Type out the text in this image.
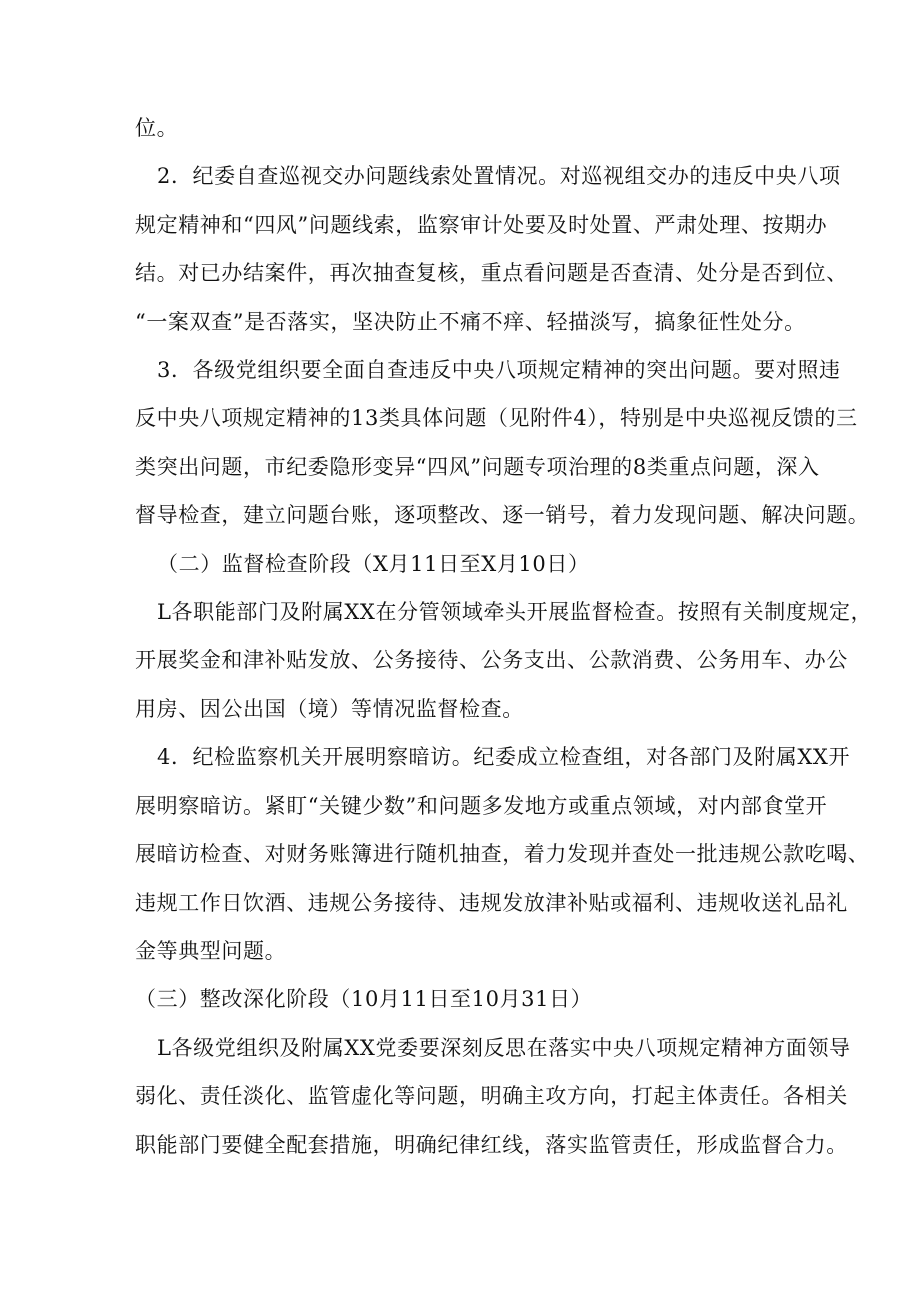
位。
2．纪委自查巡视交办问题线索处置情况。对巡视组交办的违反中央八项
规定精神和“四风”问题线索，监察审计处要及时处置、严肃处理、按期办
结。对已办结案件，再次抽查复核，重点看问题是否查清、处分是否到位、
“一案双查”是否落实，坚决防止不痛不痒、轻描淡写，搞象征性处分。
3．各级党组织要全面自查违反中央八项规定精神的突出问题。要对照违
反中央八项规定精神的13类具体问题（见附件4），特别是中央巡视反馈的三
类突出问题，市纪委隐形变异“四风”问题专项治理的8类重点问题，深入
督导检查，建立问题台账，逐项整改、逐一销号，着力发现问题、解决问题。
（二）监督检查阶段（X月11日至X月10日）
L各职能部门及附属XX在分管领域牵头开展监督检查。按照有关制度规定，
开展奖金和津补贴发放、公务接待、公务支出、公款消费、公务用车、办公
用房、因公出国（境）等情况监督检查。
4．纪检监察机关开展明察暗访。纪委成立检查组，对各部门及附属XX开
展明察暗访。紧盯“关键少数”和问题多发地方或重点领域，对内部食堂开
展暗访检查、对财务账簿进行随机抽查，着力发现并查处一批违规公款吃喝、
违规工作日饮酒、违规公务接待、违规发放津补贴或福利、违规收送礼品礼
金等典型问题。
（三）整改深化阶段（10月11日至10月31日）
L各级党组织及附属XX党委要深刻反思在落实中央八项规定精神方面领导
弱化、责任淡化、监管虚化等问题，明确主攻方向，打起主体责任。各相关
职能部门要健全配套措施，明确纪律红线，落实监管责任，形成监督合力。
